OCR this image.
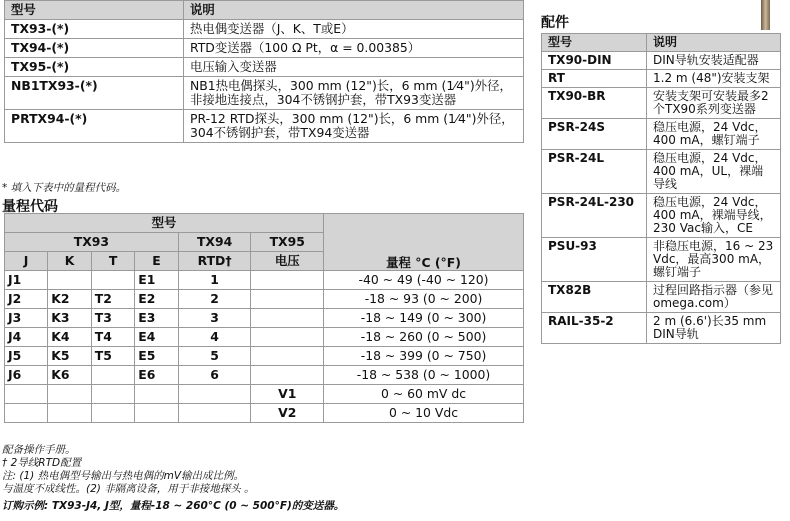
型号	说明
TX93-(*)	热电偶变送器（J、K、T或E）
TX94-(*)	RTD变送器（100 Ω Pt，α = 0.00385）
TX95-(*)	电压输入变送器
NB1TX93-(*)	NB1热电偶探头，300 mm (12")长，6 mm (1⁄4")外径，非接地连接点，304不锈钢护套，带TX93变送器
PRTX94-(*)	PR-12 RTD探头，300 mm (12")长，6 mm (1⁄4")外径，304不锈钢护套，带TX94变送器
* 填入下表中的量程代码。
量程代码
型号						量程 °C (°F)
TX93				TX94	TX95	
J	K	T	E	RTD†	电压	
J1			E1	1		-40 ~ 49 (-40 ~ 120)
J2	K2	T2	E2	2		-18 ~ 93 (0 ~ 200)
J3	K3	T3	E3	3		-18 ~ 149 (0 ~ 300)
J4	K4	T4	E4	4		-18 ~ 260 (0 ~ 500)
J5	K5	T5	E5	5		-18 ~ 399 (0 ~ 750)
J6	K6		E6	6		-18 ~ 538 (0 ~ 1000)
					V1	0 ~ 60 mV dc
					V2	0 ~ 10 Vdc
配备操作手册。
† 2导线RTD配置
注: (1) 热电偶型号输出与热电偶的mV输出成比例。
与温度不成线性。(2) 非隔离设备，用于非接地探头 。
订购示例: TX93-J4, J型，量程-18 ~ 260°C (0 ~ 500°F)的变送器。
配件
型号	说明
TX90-DIN	DIN导轨安装适配器
RT	1.2 m (48")安装支架
TX90-BR	安装支架可安装最多2个TX90系列变送器
PSR-24S	稳压电源，24 Vdc，400 mA，螺钉端子
PSR-24L	稳压电源，24 Vdc，400 mA，UL，裸端导线
PSR-24L-230	稳压电源，24 Vdc，400 mA，裸端导线，230 Vac输入，CE
PSU-93	非稳压电源，16 ~ 23 Vdc，最高300 mA，螺钉端子
TX82B	过程回路指示器（参见omega.com）
RAIL-35-2	2 m (6.6')长35 mm DIN导轨
